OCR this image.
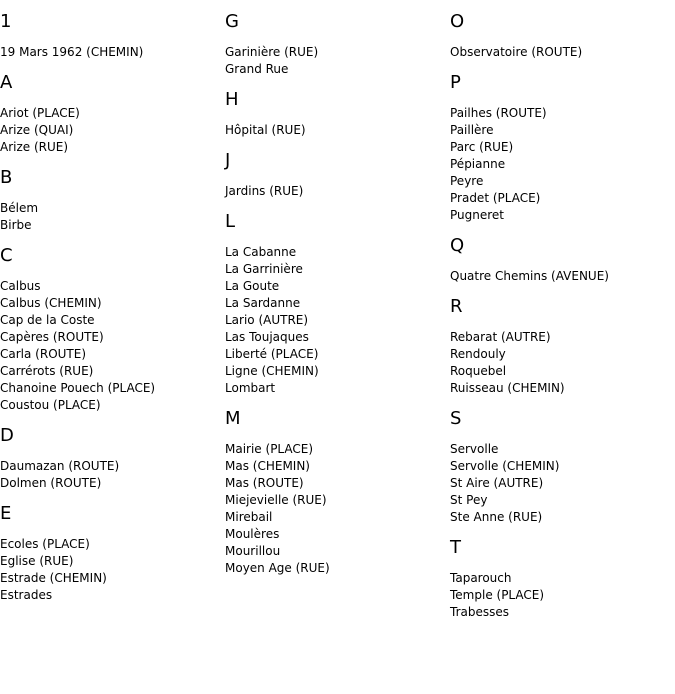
1
19 Mars 1962 (CHEMIN)
A
Ariot (PLACE)
Arize (QUAI)
Arize (RUE)
B
Bélem
Birbe
C
Calbus
Calbus (CHEMIN)
Cap de la Coste
Capères (ROUTE)
Carla (ROUTE)
Carrérots (RUE)
Chanoine Pouech (PLACE)
Coustou (PLACE)
D
Daumazan (ROUTE)
Dolmen (ROUTE)
E
Ecoles (PLACE)
Eglise (RUE)
Estrade (CHEMIN)
Estrades
G
Garinière (RUE)
Grand Rue
H
Hôpital (RUE)
J
Jardins (RUE)
L
La Cabanne
La Garrinière
La Goute
La Sardanne
Lario (AUTRE)
Las Toujaques
Liberté (PLACE)
Ligne (CHEMIN)
Lombart
M
Mairie (PLACE)
Mas (CHEMIN)
Mas (ROUTE)
Miejevielle (RUE)
Mirebail
Moulères
Mourillou
Moyen Age (RUE)
O
Observatoire (ROUTE)
P
Pailhes (ROUTE)
Paillère
Parc (RUE)
Pépianne
Peyre
Pradet (PLACE)
Pugneret
Q
Quatre Chemins (AVENUE)
R
Rebarat (AUTRE)
Rendouly
Roquebel
Ruisseau (CHEMIN)
S
Servolle
Servolle (CHEMIN)
St Aire (AUTRE)
St Pey
Ste Anne (RUE)
T
Taparouch
Temple (PLACE)
Trabesses
